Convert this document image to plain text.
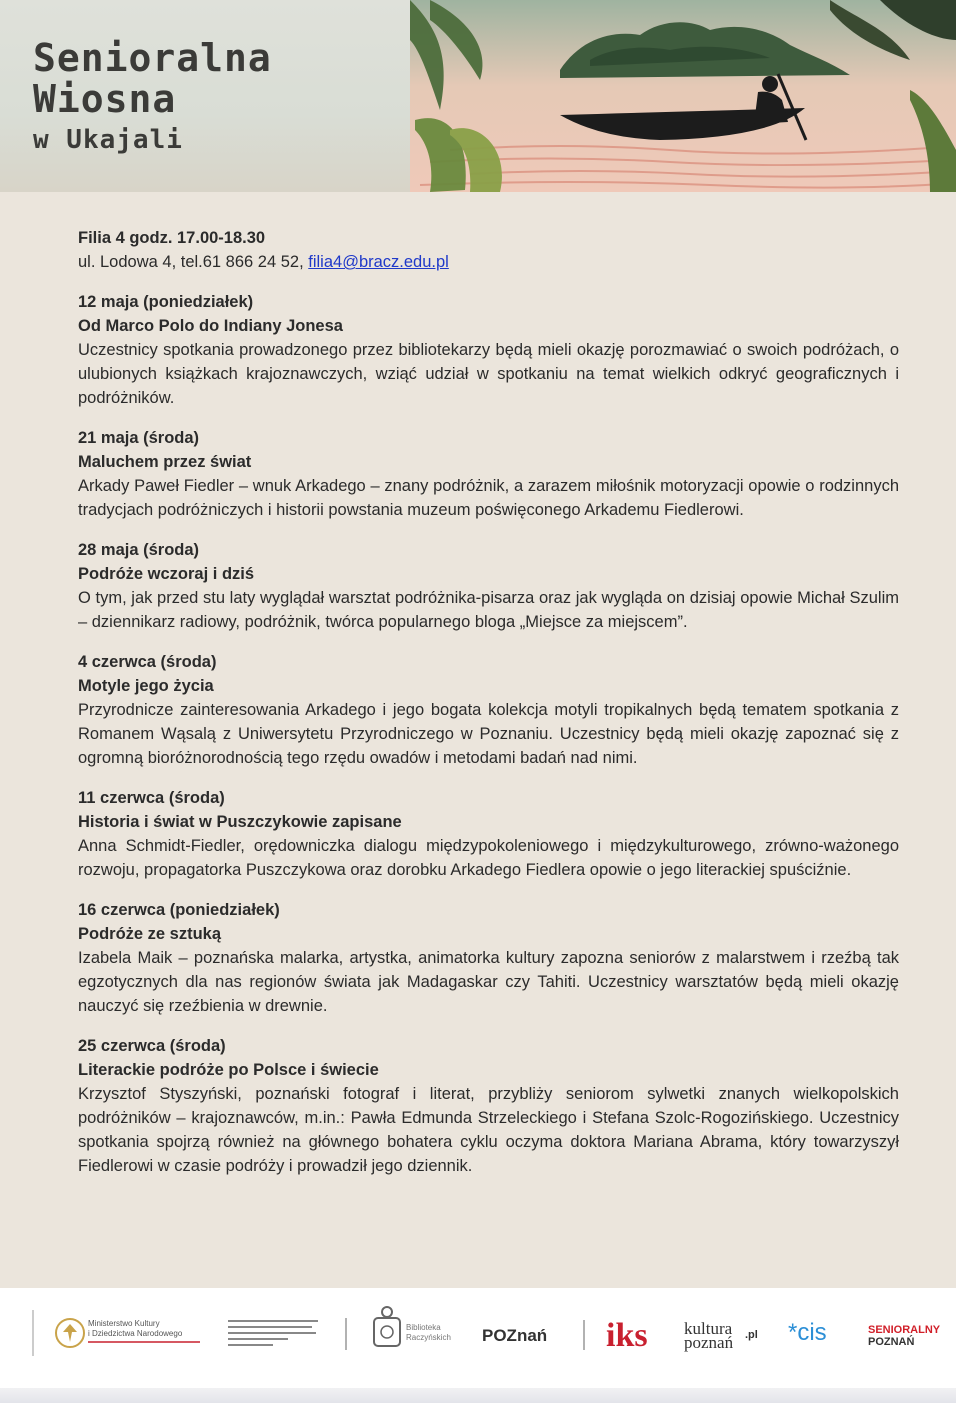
Senioralna
Wiosna
w Ukajali
Filia 4 godz. 17.00-18.30
ul. Lodowa 4, tel.61 866 24 52, filia4@bracz.edu.pl
12 maja (poniedziałek)
Od Marco Polo do Indiany Jonesa
Uczestnicy spotkania prowadzonego przez bibliotekarzy będą mieli okazję porozmawiać o swoich podróżach, o ulubionych książkach krajoznawczych, wziąć udział w spotkaniu na temat wielkich odkryć geograficznych i podróżników.
21 maja (środa)
Maluchem przez świat
Arkady Paweł Fiedler – wnuk Arkadego – znany podróżnik, a zarazem miłośnik motoryzacji opowie o rodzinnych tradycjach podróżniczych i historii powstania muzeum poświęconego Arkademu Fiedlerowi.
28 maja (środa)
Podróże wczoraj i dziś
O tym, jak przed stu laty wyglądał warsztat podróżnika-pisarza oraz jak wygląda on dzisiaj opowie Michał Szulim – dziennikarz radiowy, podróżnik, twórca popularnego bloga „Miejsce za miejscem”.
4 czerwca (środa)
Motyle jego życia
Przyrodnicze zainteresowania Arkadego i jego bogata kolekcja motyli tropikalnych będą tematem spotkania z Romanem Wąsalą z Uniwersytetu Przyrodniczego w Poznaniu. Uczestnicy będą mieli okazję zapoznać się z ogromną bioróżnorodnością tego rzędu owadów i metodami badań nad nimi.
11 czerwca (środa)
Historia i świat w Puszczykowie zapisane
Anna Schmidt-Fiedler, orędowniczka dialogu międzypokoleniowego i międzykulturowego, zrówno-ważonego rozwoju, propagatorka Puszczykowa oraz dorobku Arkadego Fiedlera opowie o jego literackiej spuściźnie.
16 czerwca (poniedziałek)
Podróże ze sztuką
Izabela Maik – poznańska malarka, artystka, animatorka kultury zapozna seniorów z malarstwem i rzeźbą tak egzotycznych dla nas regionów świata jak Madagaskar czy Tahiti. Uczestnicy warsztatów będą mieli okazję nauczyć się rzeźbienia w drewnie.
25 czerwca (środa)
Literackie podróże po Polsce i świecie
Krzysztof Styszyński, poznański fotograf i literat, przybliży seniorom sylwetki znanych wielkopolskich podróżników – krajoznawców, m.in.: Pawła Edmunda Strzeleckiego i Stefana Szolc-Rogozińskiego. Uczestnicy spotkania spojrzą również na głównego bohatera cyklu oczyma doktora Mariana Abrama, który towarzyszył Fiedlerowi w czasie podróży i prowadził jego dziennik.
Ministerstwo Kultury
i Dziedzictwa Narodowego
Biblioteka
Raczyńskich POZnań iks kultura
poznań .pl *cis	SENIORALNY
POZNAŃ
